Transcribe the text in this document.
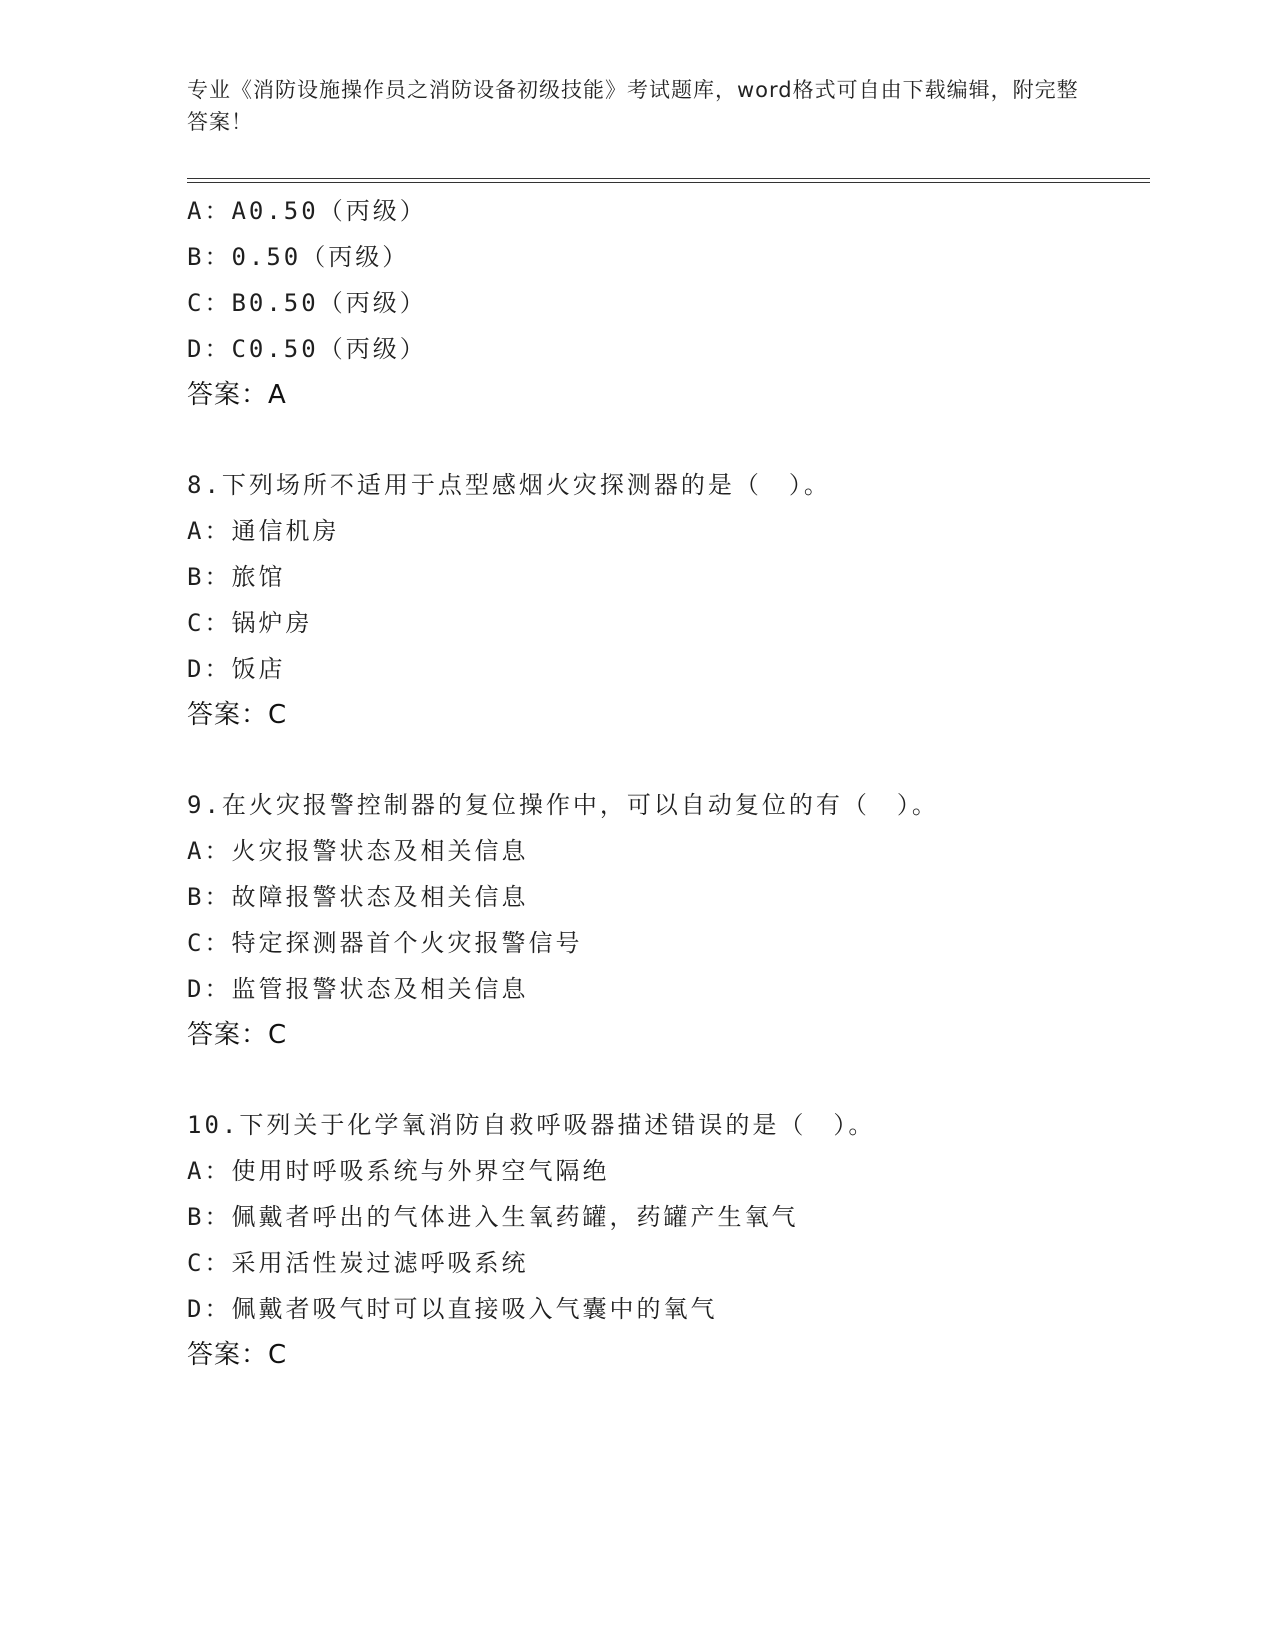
专业《消防设施操作员之消防设备初级技能》考试题库，word格式可自由下载编辑，附完整答案！
A：A0.50（丙级）
B：0.50（丙级）
C：B0.50（丙级）
D：C0.50（丙级）
答案：A
8.下列场所不适用于点型感烟火灾探测器的是（　）。
A：通信机房
B：旅馆
C：锅炉房
D：饭店
答案：C
9.在火灾报警控制器的复位操作中，可以自动复位的有（　）。
A：火灾报警状态及相关信息
B：故障报警状态及相关信息
C：特定探测器首个火灾报警信号
D：监管报警状态及相关信息
答案：C
10.下列关于化学氧消防自救呼吸器描述错误的是（　）。
A：使用时呼吸系统与外界空气隔绝
B：佩戴者呼出的气体进入生氧药罐，药罐产生氧气
C：采用活性炭过滤呼吸系统
D：佩戴者吸气时可以直接吸入气囊中的氧气
答案：C
